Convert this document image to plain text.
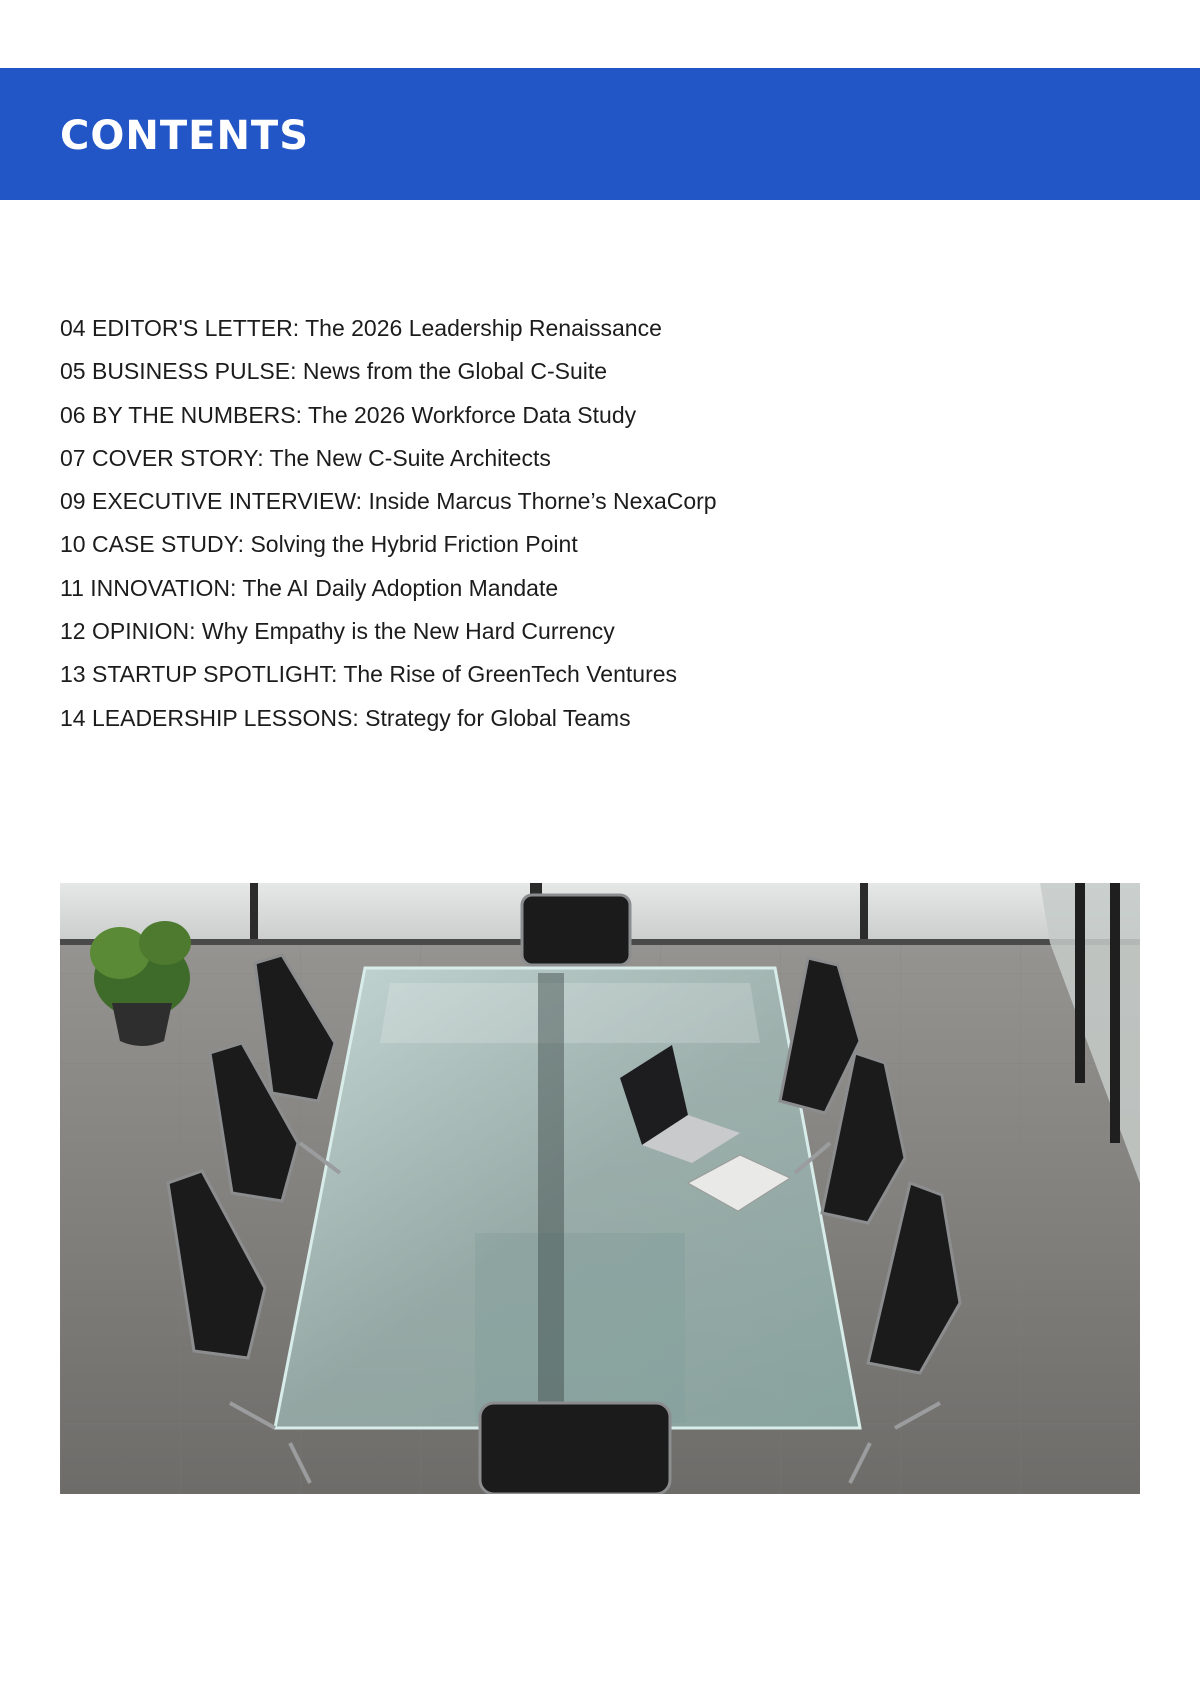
CONTENTS
04 EDITOR'S LETTER: The 2026 Leadership Renaissance
05 BUSINESS PULSE: News from the Global C-Suite
06 BY THE NUMBERS: The 2026 Workforce Data Study
07 COVER STORY: The New C-Suite Architects
09 EXECUTIVE INTERVIEW: Inside Marcus Thorne’s NexaCorp
10 CASE STUDY: Solving the Hybrid Friction Point
11 INNOVATION: The AI Daily Adoption Mandate
12 OPINION: Why Empathy is the New Hard Currency
13 STARTUP SPOTLIGHT: The Rise of GreenTech Ventures
14 LEADERSHIP LESSONS: Strategy for Global Teams
